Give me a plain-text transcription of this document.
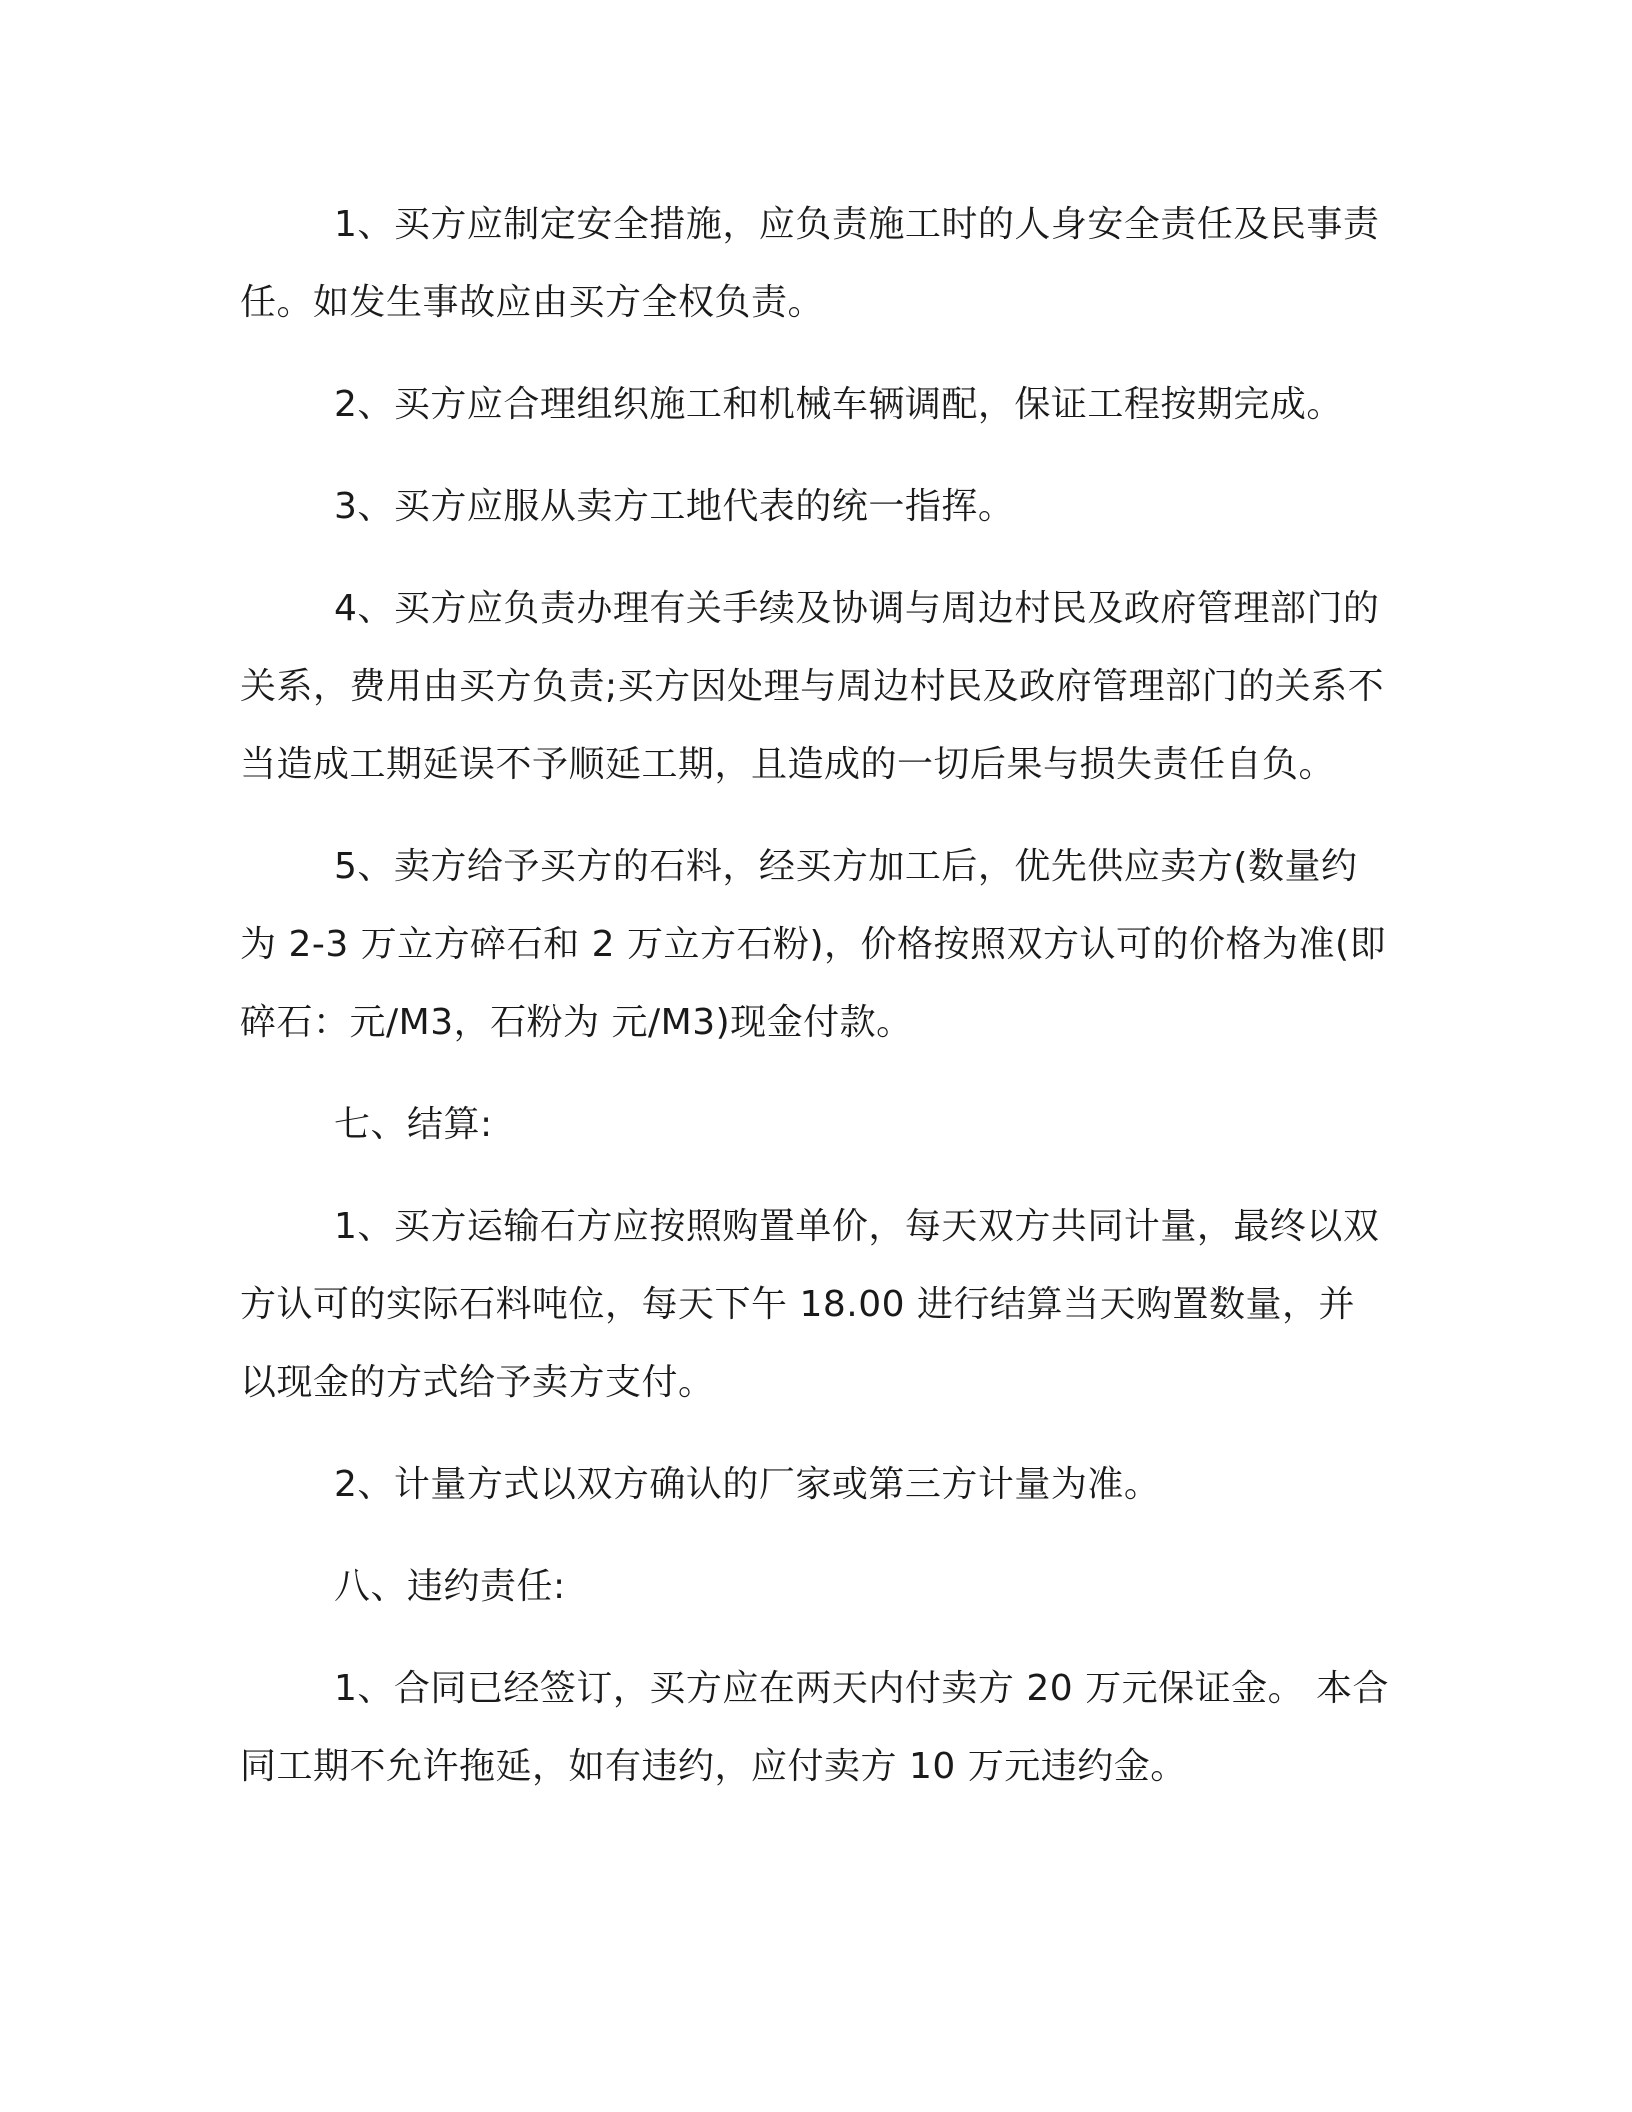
1、买方应制定安全措施，应负责施工时的人身安全责任及民事责任。如发生事故应由买方全权负责。

2、买方应合理组织施工和机械车辆调配，保证工程按期完成。

3、买方应服从卖方工地代表的统一指挥。

4、买方应负责办理有关手续及协调与周边村民及政府管理部门的关系，费用由买方负责;买方因处理与周边村民及政府管理部门的关系不当造成工期延误不予顺延工期，且造成的一切后果与损失责任自负。

5、卖方给予买方的石料，经买方加工后，优先供应卖方(数量约为 2-3 万立方碎石和 2 万立方石粉)，价格按照双方认可的价格为准(即碎石：元/M3，石粉为 元/M3)现金付款。

七、结算:

1、买方运输石方应按照购置单价，每天双方共同计量，最终以双方认可的实际石料吨位，每天下午 18.00 进行结算当天购置数量，并以现金的方式给予卖方支付。

2、计量方式以双方确认的厂家或第三方计量为准。

八、违约责任:

1、合同已经签订，买方应在两天内付卖方 20 万元保证金。 本合同工期不允许拖延，如有违约，应付卖方 10 万元违约金。
